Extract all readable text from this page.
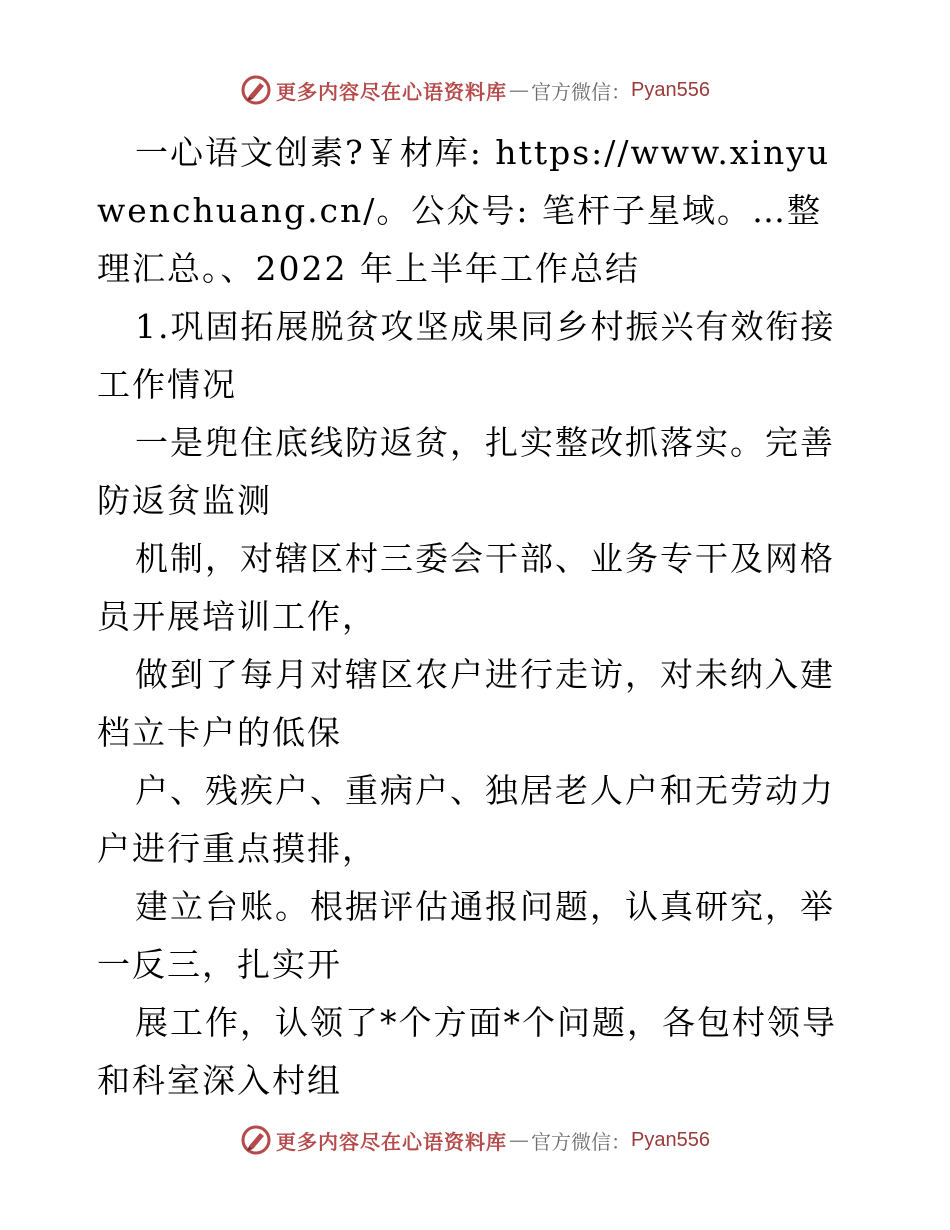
更多内容尽在心语资料库 — 官方微信： Pyan556

一心语文创素?￥材库: https://www.xinyuwenchuang.cn/。公众号: 笔杆子星域。…整理汇总。、2022 年上半年工作总结

1.巩固拓展脱贫攻坚成果同乡村振兴有效衔接工作情况

一是兜住底线防返贫，扎实整改抓落实。完善防返贫监测

机制，对辖区村三委会干部、业务专干及网格员开展培训工作，

做到了每月对辖区农户进行走访，对未纳入建档立卡户的低保

户、残疾户、重病户、独居老人户和无劳动力户进行重点摸排，

建立台账。根据评估通报问题，认真研究，举一反三，扎实开

展工作，认领了*个方面*个问题，各包村领导和科室深入村组

更多内容尽在心语资料库 — 官方微信： Pyan556
